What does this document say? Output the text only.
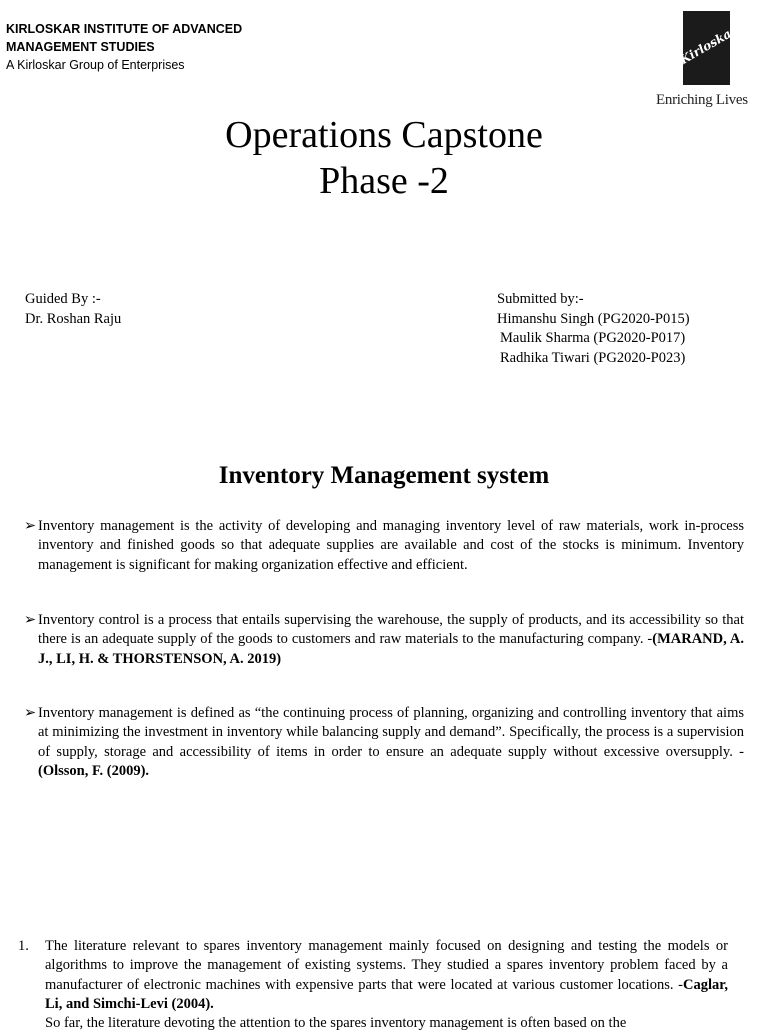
KIRLOSKAR INSTITUTE OF ADVANCED
MANAGEMENT STUDIES
A Kirloskar Group of Enterprises	Kirloskar
Enriching Lives
Operations Capstone
Phase -2
Guided By :-
Dr. Roshan Raju
Submitted by:-
Himanshu Singh (PG2020-P015)
Maulik Sharma (PG2020-P017)
Radhika Tiwari (PG2020-P023)
Inventory Management system
➢ Inventory management is the activity of developing and managing inventory level of raw materials, work in-process inventory and finished goods so that adequate supplies are available and cost of the stocks is minimum. Inventory management is significant for making organization effective and efficient.
➢ Inventory control is a process that entails supervising the warehouse, the supply of products, and its accessibility so that there is an adequate supply of the goods to customers and raw materials to the manufacturing company. -(MARAND, A. J., LI, H. & THORSTENSON, A. 2019)
➢ Inventory management is defined as “the continuing process of planning, organizing and controlling inventory that aims at minimizing the investment in inventory while balancing supply and demand”. Specifically, the process is a supervision of supply, storage and accessibility of items in order to ensure an adequate supply without excessive oversupply. -(Olsson, F. (2009).
1. The literature relevant to spares inventory management mainly focused on designing and testing the models or algorithms to improve the management of existing systems. They studied a spares inventory problem faced by a manufacturer of electronic machines with expensive parts that were located at various customer locations. -Caglar, Li, and Simchi-Levi (2004).
So far, the literature devoting the attention to the spares inventory management is often based on the
